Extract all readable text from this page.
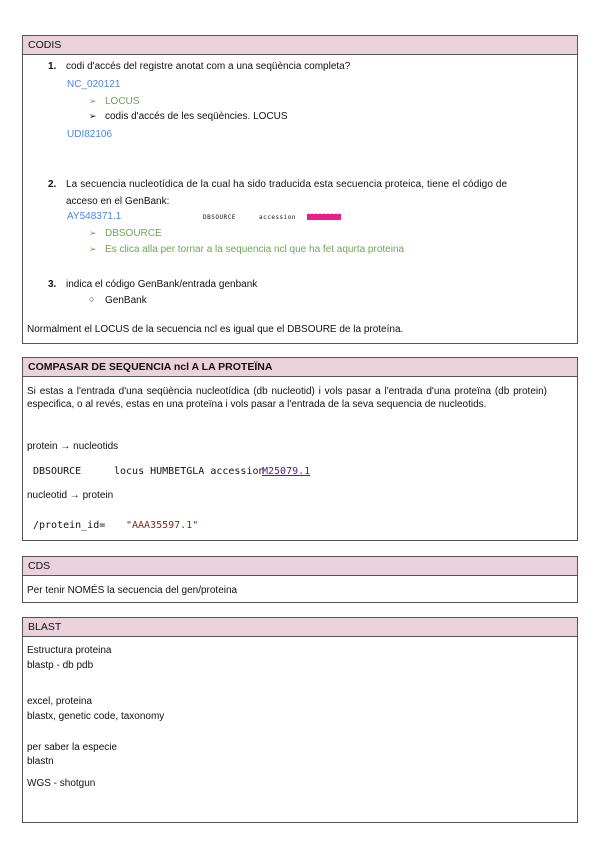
CODIS
1. codi d'accés del registre anotat com a una seqüència completa?
NC_020121
➢ LOCUS
➢ codis d'accés de les seqüències. LOCUS
UDI82106
2. La secuencia nucleotídica de la cual ha sido traducida esta secuencia proteica, tiene el código de
acceso en el GenBank:
AY548371.1	DBSOURCE	accession XXXXXXXX
➢ DBSOURCE
➢ Es clica alla per tornar a la sequencia ncl que ha fet aqurta proteina
3. indica el código GenBank/entrada genbank
○ GenBank
Normalment el LOCUS de la secuencia ncl es igual que el DBSOURE de la proteína.
COMPASAR DE SEQUENCIA ncl A LA PROTEÏNA
Si estas a l'entrada d'una seqüència nucleotídica (db nucleotid) i vols pasar a l'entrada d'una proteïna (db protein) especifica, o al revés, estas en una proteïna i vols pasar a l'entrada de la seva sequencia de nucleotids.
protein → nucleotids
DBSOURCE	locus HUMBETGLA accession
M25079.1
nucleotid → protein
/protein_id= "AAA35597.1"
CDS
Per tenir NOMÉS la secuencia del gen/proteina
BLAST
Estructura proteina
blastp - db pdb
excel, proteina
blastx, genetic code, taxonomy
per saber la especie
blastn
WGS - shotgun
